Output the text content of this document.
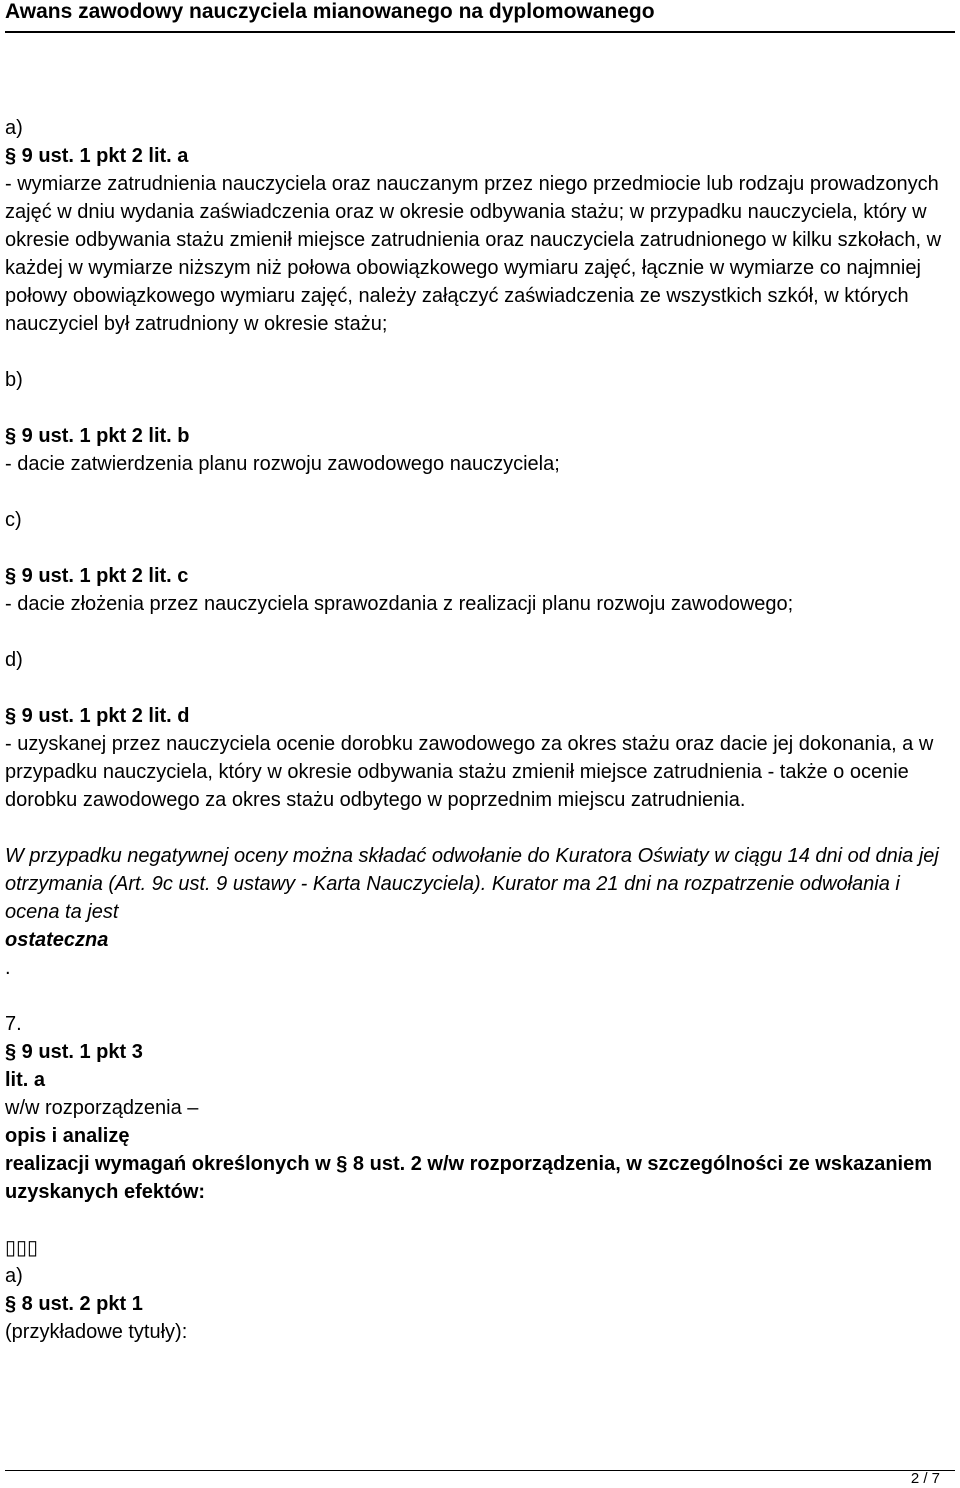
Awans zawodowy nauczyciela mianowanego na dyplomowanego

a)

§ 9 ust. 1 pkt 2 lit. a

- wymiarze zatrudnienia nauczyciela oraz nauczanym przez niego przedmiocie lub rodzaju prowadzonych zajęć w dniu wydania zaświadczenia oraz w okresie odbywania stażu; w przypadku nauczyciela, który w okresie odbywania stażu zmienił miejsce zatrudnienia oraz nauczyciela zatrudnionego w kilku szkołach, w każdej w wymiarze niższym niż połowa obowiązkowego wymiaru zajęć, łącznie w wymiarze co najmniej połowy obowiązkowego wymiaru zajęć, należy załączyć zaświadczenia ze wszystkich szkół, w których nauczyciel był zatrudniony w okresie stażu;

b)

§ 9 ust. 1 pkt 2 lit. b

- dacie zatwierdzenia planu rozwoju zawodowego nauczyciela;

c)

§ 9 ust. 1 pkt 2 lit. c

- dacie złożenia przez nauczyciela sprawozdania z realizacji planu rozwoju zawodowego;

d)

§ 9 ust. 1 pkt 2 lit. d

- uzyskanej przez nauczyciela ocenie dorobku zawodowego za okres stażu oraz dacie jej dokonania, a w przypadku nauczyciela, który w okresie odbywania stażu zmienił miejsce zatrudnienia - także o ocenie dorobku zawodowego za okres stażu odbytego w poprzednim miejscu zatrudnienia.

W przypadku negatywnej oceny można składać odwołanie do Kuratora Oświaty w ciągu 14 dni od dnia jej otrzymania (Art. 9c ust. 9 ustawy - Karta Nauczyciela). Kurator ma 21 dni na rozpatrzenie odwołania i ocena ta jest

ostateczna

.

7.

§ 9 ust. 1 pkt 3

lit. a

w/w rozporządzenia –

opis i analizę

realizacji wymagań określonych w § 8 ust. 2 w/w rozporządzenia, w szczególności ze wskazaniem uzyskanych efektów:

▯▯▯

a)

§ 8 ust. 2 pkt 1

(przykładowe tytuły):

2 / 7
